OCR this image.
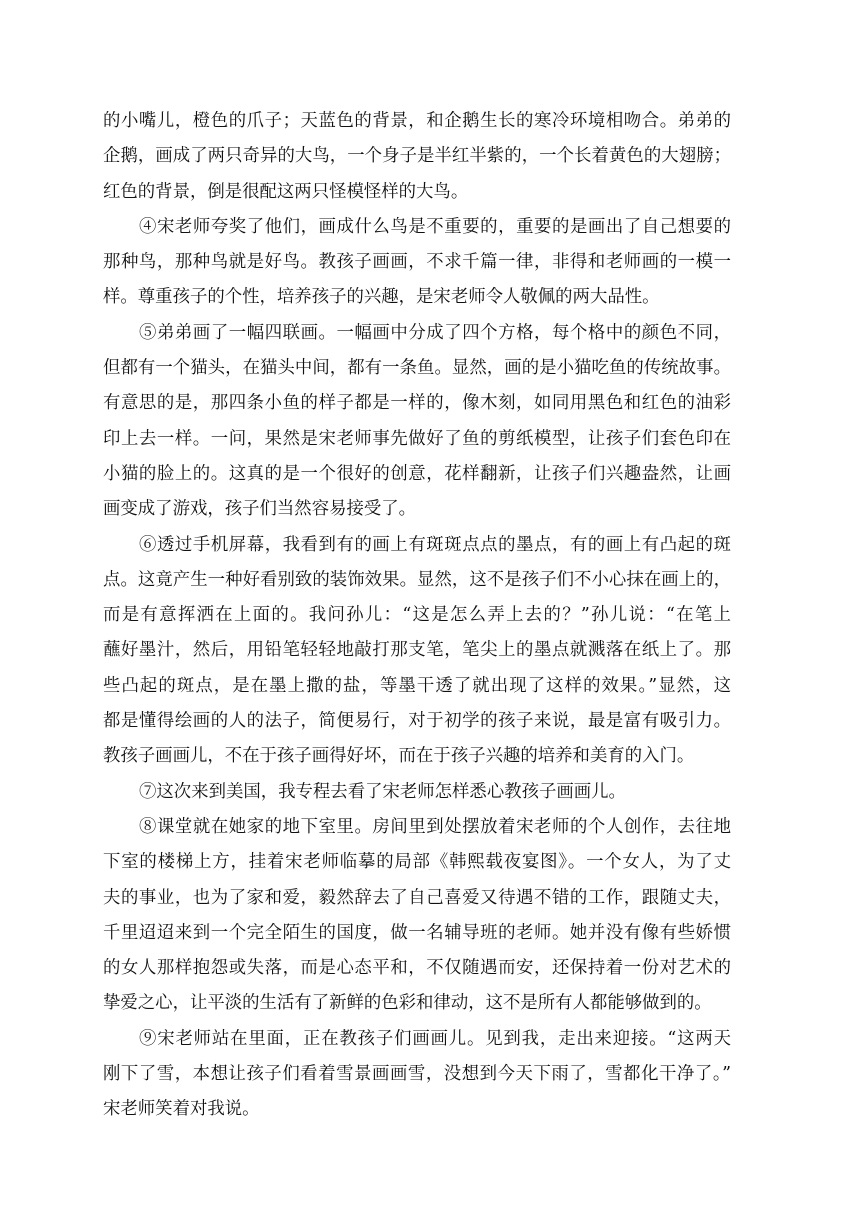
的小嘴儿，橙色的爪子；天蓝色的背景，和企鹅生长的寒冷环境相吻合。弟弟的
企鹅，画成了两只奇异的大鸟，一个身子是半红半紫的，一个长着黄色的大翅膀；
红色的背景，倒是很配这两只怪模怪样的大鸟。
④宋老师夸奖了他们，画成什么鸟是不重要的，重要的是画出了自己想要的
那种鸟，那种鸟就是好鸟。教孩子画画，不求千篇一律，非得和老师画的一模一
样。尊重孩子的个性，培养孩子的兴趣，是宋老师令人敬佩的两大品性。
⑤弟弟画了一幅四联画。一幅画中分成了四个方格，每个格中的颜色不同，
但都有一个猫头，在猫头中间，都有一条鱼。显然，画的是小猫吃鱼的传统故事。
有意思的是，那四条小鱼的样子都是一样的，像木刻，如同用黑色和红色的油彩
印上去一样。一问，果然是宋老师事先做好了鱼的剪纸模型，让孩子们套色印在
小猫的脸上的。这真的是一个很好的创意，花样翻新，让孩子们兴趣盎然，让画
画变成了游戏，孩子们当然容易接受了。
⑥透过手机屏幕，我看到有的画上有斑斑点点的墨点，有的画上有凸起的斑
点。这竟产生一种好看别致的装饰效果。显然，这不是孩子们不小心抹在画上的，
而是有意挥洒在上面的。我问孙儿：“这是怎么弄上去的？”孙儿说：“在笔上
蘸好墨汁，然后，用铅笔轻轻地敲打那支笔，笔尖上的墨点就溅落在纸上了。那
些凸起的斑点，是在墨上撒的盐，等墨干透了就出现了这样的效果。”显然，这
都是懂得绘画的人的法子，简便易行，对于初学的孩子来说，最是富有吸引力。
教孩子画画儿，不在于孩子画得好坏，而在于孩子兴趣的培养和美育的入门。
⑦这次来到美国，我专程去看了宋老师怎样悉心教孩子画画儿。
⑧课堂就在她家的地下室里。房间里到处摆放着宋老师的个人创作，去往地
下室的楼梯上方，挂着宋老师临摹的局部《韩熙载夜宴图》。一个女人，为了丈
夫的事业，也为了家和爱，毅然辞去了自己喜爱又待遇不错的工作，跟随丈夫，
千里迢迢来到一个完全陌生的国度，做一名辅导班的老师。她并没有像有些娇惯
的女人那样抱怨或失落，而是心态平和，不仅随遇而安，还保持着一份对艺术的
挚爱之心，让平淡的生活有了新鲜的色彩和律动，这不是所有人都能够做到的。
⑨宋老师站在里面，正在教孩子们画画儿。见到我，走出来迎接。“这两天
刚下了雪，本想让孩子们看着雪景画画雪，没想到今天下雨了，雪都化干净了。”
宋老师笑着对我说。
